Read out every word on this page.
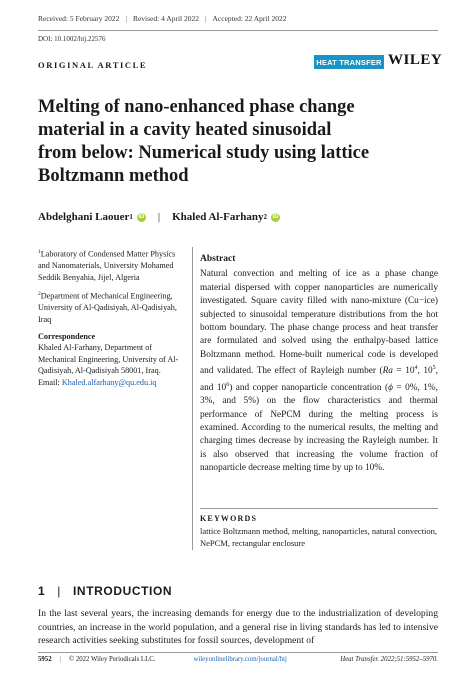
Received: 5 February 2022 | Revised: 4 April 2022 | Accepted: 22 April 2022
DOI: 10.1002/htj.22576
ORIGINAL ARTICLE	HEAT TRANSFER WILEY
Melting of nano-enhanced phase change
material in a cavity heated sinusoidal
from below: Numerical study using lattice
Boltzmann method
Abdelghani Laouer 1 iD | Khaled Al-Farhany 2 iD
$^1$Laboratory of Condensed Matter Physics and Nanomaterials, University Mohamed Seddik Benyahia, Jijel, Algeria
$^2$Department of Mechanical Engineering, University of Al-Qadisiyah, Al-Qadisiyah, Iraq
Correspondence
Khaled Al-Farhany, Department of Mechanical Engineering, University of Al-Qadisiyah, Al-Qadisiyah 58001, Iraq.
Email: Khaled.alfarhany@qu.edu.iq
Abstract
Natural convection and melting of ice as a phase change material dispersed with copper nanoparticles are numerically investigated. Square cavity filled with nano-mixture (Cu−ice) subjected to sinusoidal temperature distributions from the hot bottom boundary. The phase change process and heat transfer are formulated and solved using the enthalpy-based lattice Boltzmann method. Home-built numerical code is developed and validated. The effect of Rayleigh number ($Ra = 10^4$, $10^5$, and $10^6$) and copper nanoparticle concentration (ϕ = 0%, 1%, 3%, and 5%) on the flow characteristics and thermal performance of NePCM during the melting process is examined. According to the numerical results, the melting and charging times decrease by increasing the Rayleigh number. It is also observed that increasing the volume fraction of nanoparticle decrease melting time by up to 10%.
KEYWORDS
lattice Boltzmann method, melting, nanoparticles, natural convection, NePCM, rectangular enclosure
1 | INTRODUCTION
In the last several years, the increasing demands for energy due to the industrialization of developing countries, an increase in the world population, and a general rise in living standards has led to intensive research activities seeking substitutes for fossil sources, development of
5952 | © 2022 Wiley Periodicals LLC.	wileyonlinelibrary.com/journal/htj	Heat Transfer. 2022;51:5952–5970.
